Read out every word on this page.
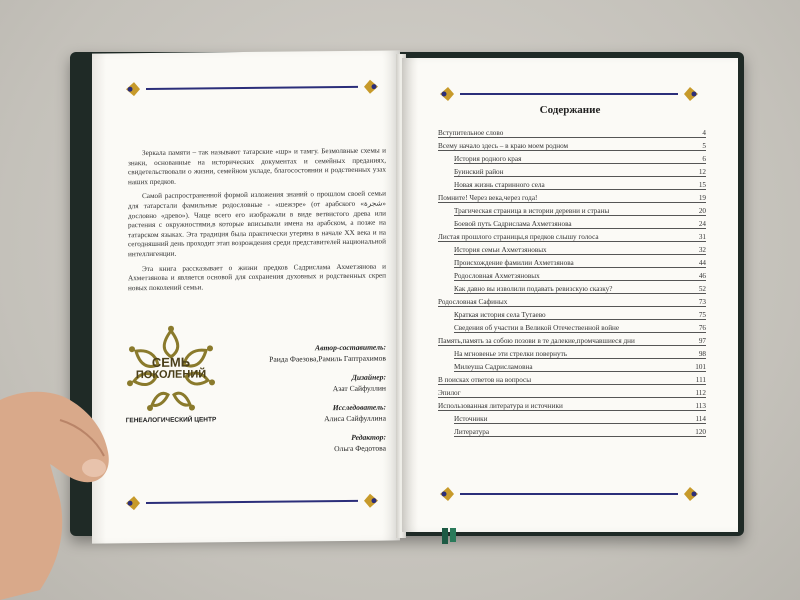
Зеркала памяти – так называют татарские «шр» и тамгу. Безмолвные схемы и знаки, основанные на исторических документах и семейных преданиях, свидетельствовали о жизни, семейном укладе, благосостоянии и родственных узах наших предков.

Самой распространенной формой изложения знаний о прошлом своей семьи для татарстали фамильные родословные - «шежэре» (от арабского «شجرة» дословно «древо»). Чаще всего его изображали в виде ветвистого древа или растения с окружностями,в которые вписывали имена на арабском, а позже на татарском языках. Эта традиция была практически утеряна в начале XX века и на сегодняшний день проходит этап возрождения среди представителей национальной интеллигенции.

Эта книга рассказывает о жизни предков Садрислама Ахметзянова и Ахметзянова и является основой для сохранения духовных и родственных скреп новых поколений семьи.

Автор-составитель:
Раида Фаезова,Рамиль Гаптрахимов
Дизайнер:
Азат Сайфуллин
Исследователь:
Алиса Сайфуллина
Редактор:
Ольга Федотова
СЕМЬ
ПОКОЛЕНИЙ
ГЕНЕАЛОГИЧЕСКИЙ ЦЕНТР
Содержание
Вступительное слово	4
Всему начало здесь – в краю моем родном	5
История родного края	6
Буинский район	12
Новая жизнь старинного села	15
Помните! Через века,через года!	19
Трагическая страница в истории деревни и страны	20
Боевой путь Садрислама Ахметзянова	24
Листая прошлого страницы,я предков слышу голоса	31
История семьи Ахметзяновых	32
Происхождение фамилии Ахметзянова	44
Родословная Ахметзяновых	46
Как давно вы изволили подавать ревизскую сказку?	52
Родословная Сафиных	73
Краткая история села Тутаево	75
Сведения об участии в Великой Отечественной войне	76
Память,память за собою позови в те далекие,промчавшиеся дни	97
На мгновенье эти стрелки повернуть	98
Милеуша Садрисламовна	101
В поисках ответов на вопросы	111
Эпилог	112
Использованная литература и источники	113
Источники	114
Литература	120
